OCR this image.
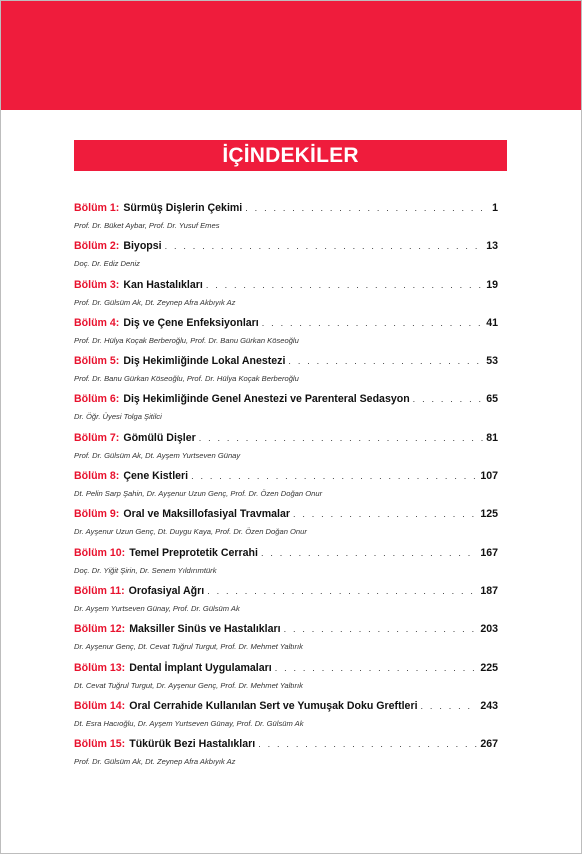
İÇİNDEKİLER
Bölüm 1: Sürmüş Dişlerin Çekimi . . .	1
Prof. Dr. Büket Aybar, Prof. Dr. Yusuf Emes
Bölüm 2: Biyopsi . . .	13
Doç. Dr. Ediz Deniz
Bölüm 3: Kan Hastalıkları . . .	19
Prof. Dr. Gülsüm Ak, Dt. Zeynep Afra Akbıyık Az
Bölüm 4: Diş ve Çene Enfeksiyonları . . .	41
Prof. Dr. Hülya Koçak Berberoğlu, Prof. Dr. Banu Gürkan Köseoğlu
Bölüm 5: Diş Hekimliğinde Lokal Anestezi . . .	53
Prof. Dr. Banu Gürkan Köseoğlu, Prof. Dr. Hülya Koçak Berberoğlu
Bölüm 6: Diş Hekimliğinde Genel Anestezi ve Parenteral Sedasyon . . .	65
Dr. Öğr. Üyesi Tolga Şitilci
Bölüm 7: Gömülü Dişler . . .	81
Prof. Dr. Gülsüm Ak, Dt. Ayşem Yurtseven Günay
Bölüm 8: Çene Kistleri . . .	107
Dt. Pelin Sarp Şahin, Dr. Ayşenur Uzun Genç, Prof. Dr. Özen Doğan Onur
Bölüm 9: Oral ve Maksillofasiyal Travmalar . . .	125
Dr. Ayşenur Uzun Genç, Dt. Duygu Kaya, Prof. Dr. Özen Doğan Onur
Bölüm 10: Temel Preprotetik Cerrahi . . .	167
Doç. Dr. Yiğit Şirin, Dr. Senem Yıldırımtürk
Bölüm 11: Orofasiyal Ağrı . . .	187
Dr. Ayşem Yurtseven Günay, Prof. Dr. Gülsüm Ak
Bölüm 12: Maksiller Sinüs ve Hastalıkları . . .	203
Dr. Ayşenur Genç, Dt. Cevat Tuğrul Turgut, Prof. Dr. Mehmet Yaltırık
Bölüm 13: Dental İmplant Uygulamaları . . .	225
Dt. Cevat Tuğrul Turgut, Dr. Ayşenur Genç, Prof. Dr. Mehmet Yaltırık
Bölüm 14: Oral Cerrahide Kullanılan Sert ve Yumuşak Doku Greftleri . . .	243
Dt. Esra Hacıoğlu, Dr. Ayşem Yurtseven Günay, Prof. Dr. Gülsüm Ak
Bölüm 15: Tükürük Bezi Hastalıkları . . .	267
Prof. Dr. Gülsüm Ak, Dt. Zeynep Afra Akbıyık Az
